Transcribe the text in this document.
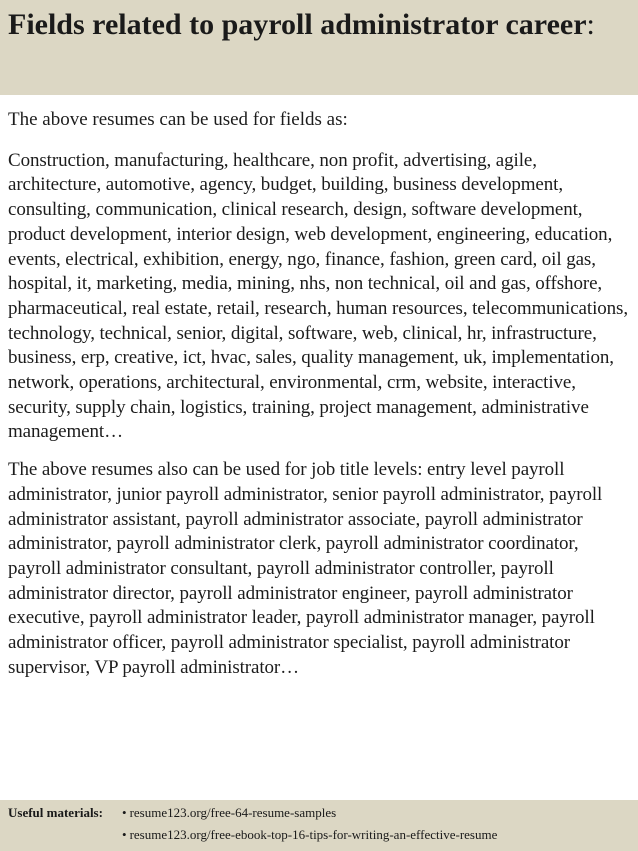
Fields related to payroll administrator career:

The above resumes can be used for fields as:

Construction, manufacturing, healthcare, non profit, advertising, agile, architecture, automotive, agency, budget, building, business development, consulting, communication, clinical research, design, software development, product development, interior design, web development, engineering, education, events, electrical, exhibition, energy, ngo, finance, fashion, green card, oil gas, hospital, it, marketing, media, mining, nhs, non technical, oil and gas, offshore, pharmaceutical, real estate, retail, research, human resources, telecommunications, technology, technical, senior, digital, software, web, clinical, hr, infrastructure, business, erp, creative, ict, hvac, sales, quality management, uk, implementation, network, operations, architectural, environmental, crm, website, interactive, security, supply chain, logistics, training, project management, administrative management…

The above resumes also can be used for job title levels: entry level payroll administrator, junior payroll administrator, senior payroll administrator, payroll administrator assistant, payroll administrator associate, payroll administrator administrator, payroll administrator clerk, payroll administrator coordinator, payroll administrator consultant, payroll administrator controller, payroll administrator director, payroll administrator engineer, payroll administrator executive, payroll administrator leader, payroll administrator manager, payroll administrator officer, payroll administrator specialist, payroll administrator supervisor, VP payroll administrator…

Useful materials: • resume123.org/free-64-resume-samples
• resume123.org/free-ebook-top-16-tips-for-writing-an-effective-resume
